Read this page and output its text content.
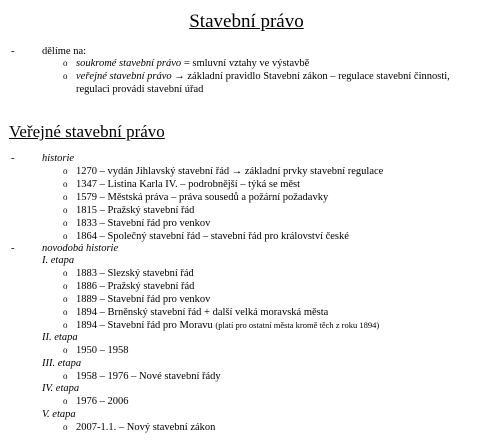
Stavební právo
-	dělíme na:
o soukromé stavební právo = smluvní vztahy ve výstavbě
o veřejné stavební právo → základní pravidlo Stavební zákon – regulace stavební činnosti,
regulaci provádí stavební úřad
Veřejné stavební právo
-	historie
o 1270 – vydán Jihlavský stavební řád → základní prvky stavební regulace
o 1347 – Listina Karla IV. – podrobnější – týká se měst
o 1579 – Městská práva – práva sousedů a požární požadavky
o 1815 – Pražský stavební řád
o 1833 – Stavební řád pro venkov
o 1864 – Společný stavební řád – stavební řád pro království české
-	novodobá historie
I. etapa
o 1883 – Slezský stavební řád
o 1886 – Pražský stavební řád
o 1889 – Stavební řád pro venkov
o 1894 – Brněnský stavební řád + další velká moravská města
o 1894 – Stavební řád pro Moravu (platí pro ostatní města kromě těch z roku 1894)
II. etapa
o 1950 – 1958
III. etapa
o 1958 – 1976 – Nové stavební řády
IV. etapa
o 1976 – 2006
V. etapa
o 2007-1.1. – Nový stavební zákon
